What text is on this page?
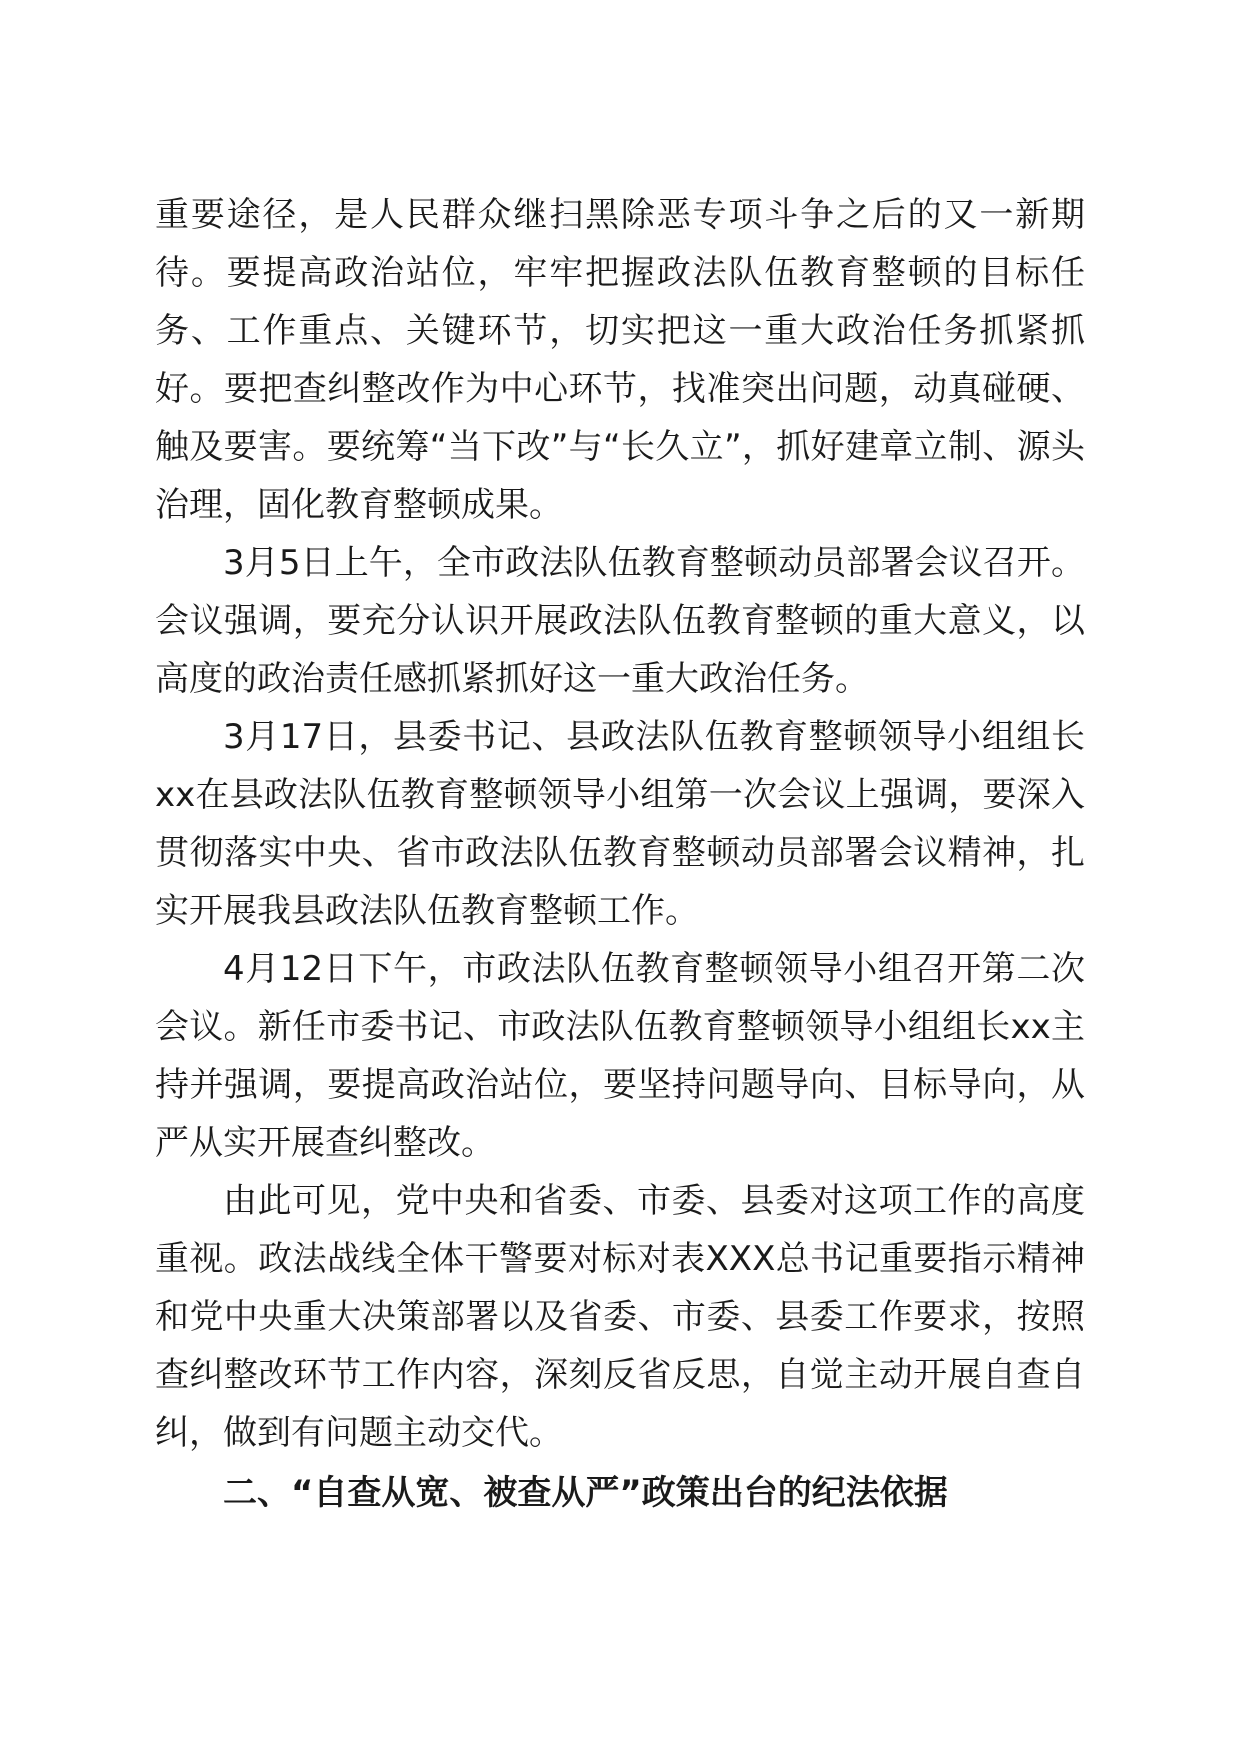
重要途径，是人民群众继扫黑除恶专项斗争之后的又一新期待。要提高政治站位，牢牢把握政法队伍教育整顿的目标任务、工作重点、关键环节，切实把这一重大政治任务抓紧抓好。要把查纠整改作为中心环节，找准突出问题，动真碰硬、触及要害。要统筹“当下改”与“长久立”，抓好建章立制、源头治理，固化教育整顿成果。

3月5日上午，全市政法队伍教育整顿动员部署会议召开。会议强调，要充分认识开展政法队伍教育整顿的重大意义，以高度的政治责任感抓紧抓好这一重大政治任务。

3月17日，县委书记、县政法队伍教育整顿领导小组组长xx在县政法队伍教育整顿领导小组第一次会议上强调，要深入贯彻落实中央、省市政法队伍教育整顿动员部署会议精神，扎实开展我县政法队伍教育整顿工作。

4月12日下午，市政法队伍教育整顿领导小组召开第二次会议。新任市委书记、市政法队伍教育整顿领导小组组长xx主持并强调，要提高政治站位，要坚持问题导向、目标导向，从严从实开展查纠整改。

由此可见，党中央和省委、市委、县委对这项工作的高度重视。政法战线全体干警要对标对表XXX总书记重要指示精神和党中央重大决策部署以及省委、市委、县委工作要求，按照查纠整改环节工作内容，深刻反省反思，自觉主动开展自查自纠，做到有问题主动交代。

二、“自查从宽、被查从严”政策出台的纪法依据
